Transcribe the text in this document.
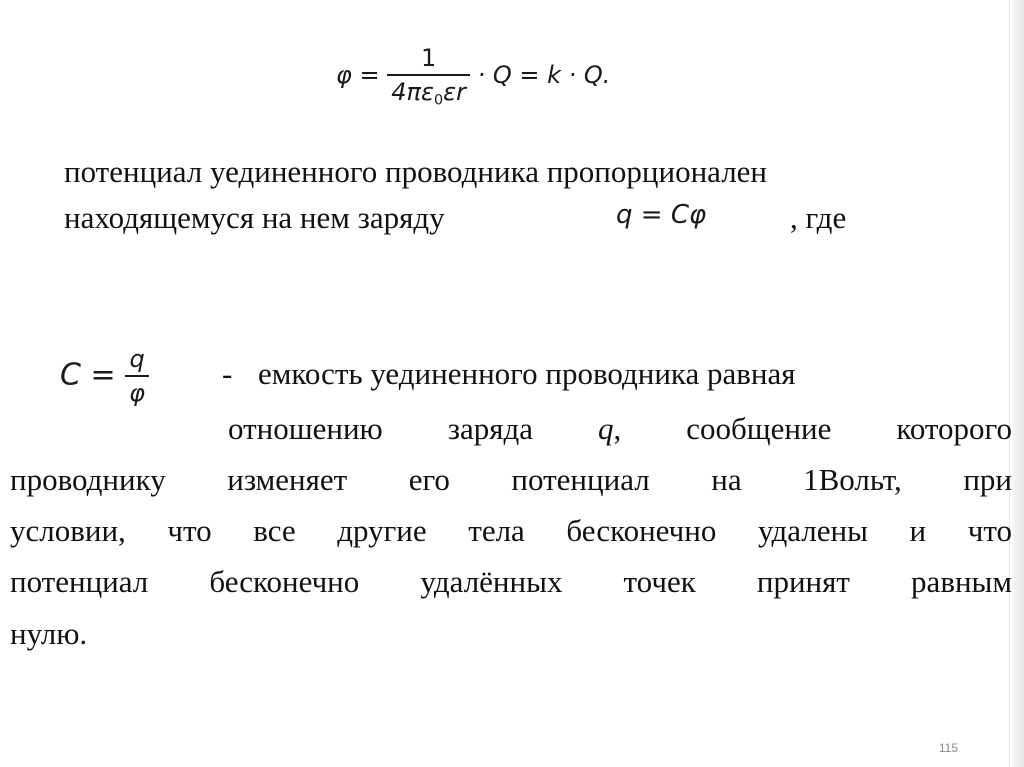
$\varphi = \frac{1}{4\pi\varepsilon_0\varepsilon r} \cdot Q = k \cdot Q$.
потенциал уединенного проводника пропорционален
находящемуся на нем заряду	q = Cφ	, где
$C = \frac{q}{\varphi}$ - емкость уединенного проводника равная
отношению заряда q, сообщение которого
проводнику изменяет его потенциал на 1Вольт, при
условии, что все другие тела бесконечно удалены и что
потенциал бесконечно удалённых точек принят равным
нулю.
115
